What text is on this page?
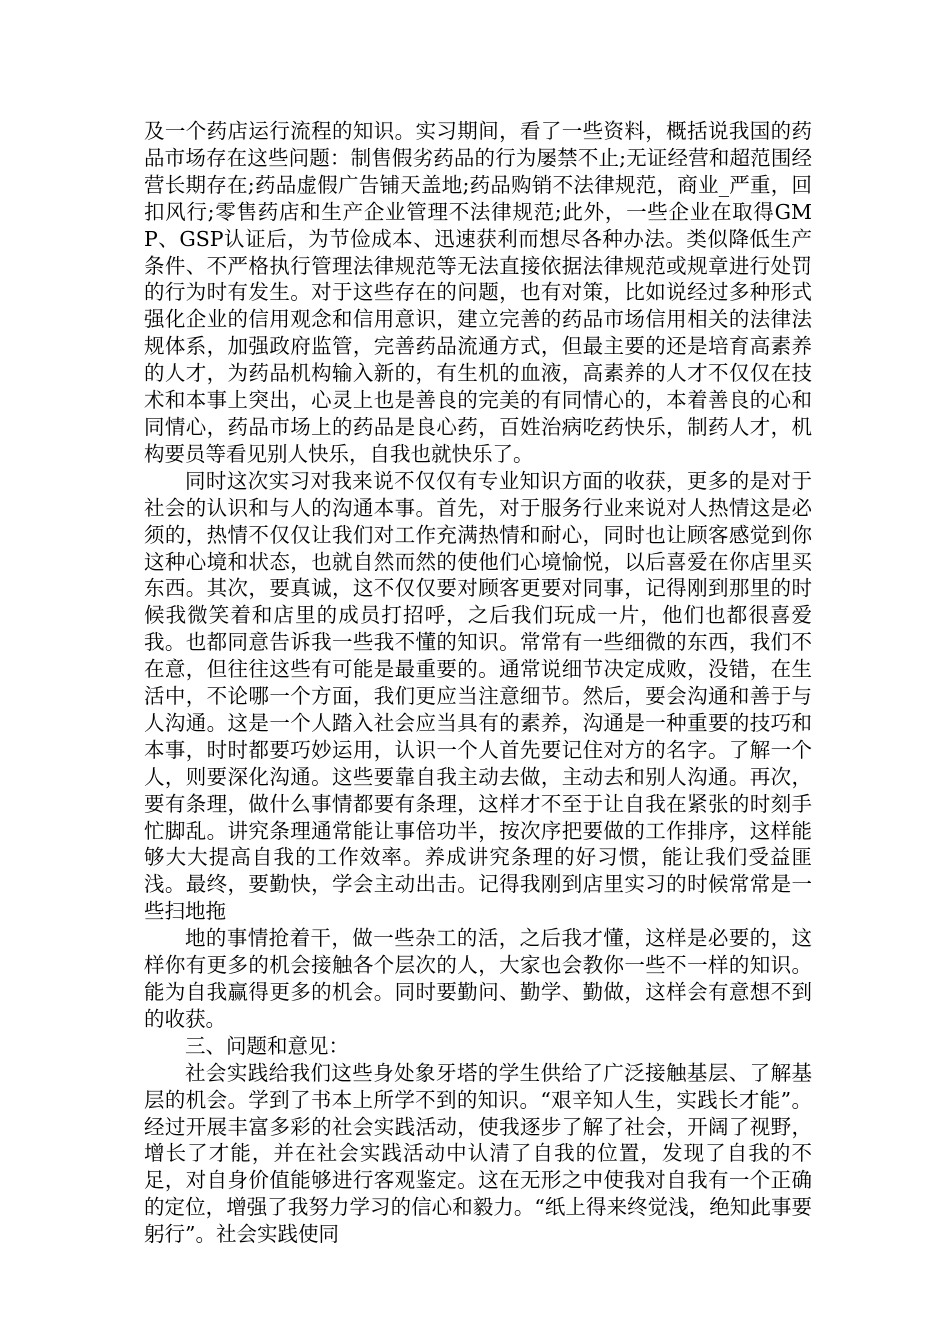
及一个药店运行流程的知识。实习期间，看了一些资料，概括说我国的药品市场存在这些问题：制售假劣药品的行为屡禁不止;无证经营和超范围经营长期存在;药品虚假广告铺天盖地;药品购销不法律规范，商业_严重，回扣风行;零售药店和生产企业管理不法律规范;此外，一些企业在取得GMP、GSP认证后，为节俭成本、迅速获利而想尽各种办法。类似降低生产条件、不严格执行管理法律规范等无法直接依据法律规范或规章进行处罚的行为时有发生。对于这些存在的问题，也有对策，比如说经过多种形式强化企业的信用观念和信用意识，建立完善的药品市场信用相关的法律法规体系，加强政府监管，完善药品流通方式，但最主要的还是培育高素养的人才，为药品机构输入新的，有生机的血液，高素养的人才不仅仅在技术和本事上突出，心灵上也是善良的完美的有同情心的，本着善良的心和同情心，药品市场上的药品是良心药，百姓治病吃药快乐，制药人才，机构要员等看见别人快乐，自我也就快乐了。

同时这次实习对我来说不仅仅有专业知识方面的收获，更多的是对于社会的认识和与人的沟通本事。首先，对于服务行业来说对人热情这是必须的，热情不仅仅让我们对工作充满热情和耐心，同时也让顾客感觉到你这种心境和状态，也就自然而然的使他们心境愉悦，以后喜爱在你店里买东西。其次，要真诚，这不仅仅要对顾客更要对同事，记得刚到那里的时候我微笑着和店里的成员打招呼，之后我们玩成一片，他们也都很喜爱我。也都同意告诉我一些我不懂的知识。常常有一些细微的东西，我们不在意，但往往这些有可能是最重要的。通常说细节决定成败，没错，在生活中，不论哪一个方面，我们更应当注意细节。然后，要会沟通和善于与人沟通。这是一个人踏入社会应当具有的素养，沟通是一种重要的技巧和本事，时时都要巧妙运用，认识一个人首先要记住对方的名字。了解一个人，则要深化沟通。这些要靠自我主动去做，主动去和别人沟通。再次，要有条理，做什么事情都要有条理，这样才不至于让自我在紧张的时刻手忙脚乱。讲究条理通常能让事倍功半，按次序把要做的工作排序，这样能够大大提高自我的工作效率。养成讲究条理的好习惯，能让我们受益匪浅。最终，要勤快，学会主动出击。记得我刚到店里实习的时候常常是一些扫地拖

地的事情抢着干，做一些杂工的活，之后我才懂，这样是必要的，这样你有更多的机会接触各个层次的人，大家也会教你一些不一样的知识。能为自我赢得更多的机会。同时要勤问、勤学、勤做，这样会有意想不到的收获。

三、问题和意见：

社会实践给我们这些身处象牙塔的学生供给了广泛接触基层、了解基层的机会。学到了书本上所学不到的知识。“艰辛知人生，实践长才能”。经过开展丰富多彩的社会实践活动，使我逐步了解了社会，开阔了视野，增长了才能，并在社会实践活动中认清了自我的位置，发现了自我的不足，对自身价值能够进行客观鉴定。这在无形之中使我对自我有一个正确的定位，增强了我努力学习的信心和毅力。“纸上得来终觉浅，绝知此事要躬行”。社会实践使同
